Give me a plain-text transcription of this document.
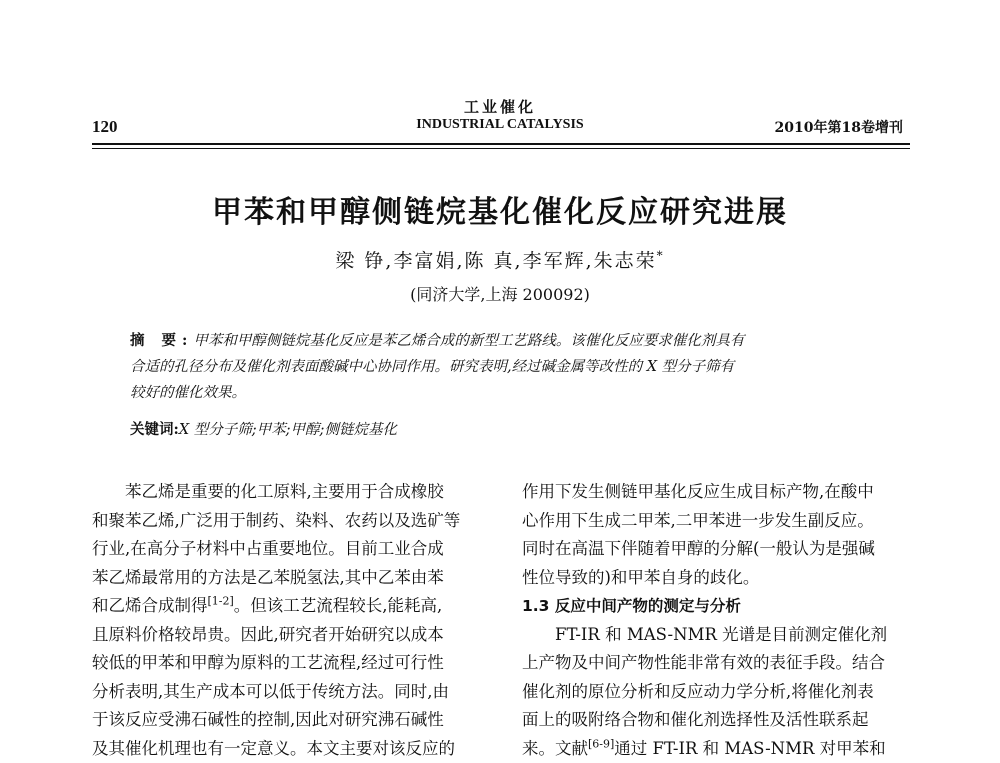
120
工业催化
INDUSTRIAL CATALYSIS	2010年第18卷增刊
甲苯和甲醇侧链烷基化催化反应研究进展
梁 铮,李富娟,陈 真,李军辉,朱志荣*
(同济大学,上海 200092)
摘 要:甲苯和甲醇侧链烷基化反应是苯乙烯合成的新型工艺路线。该催化反应要求催化剂具有
合适的孔径分布及催化剂表面酸碱中心协同作用。研究表明,经过碱金属等改性的 X 型分子筛有
较好的催化效果。
关键词:X 型分子筛;甲苯;甲醇;侧链烷基化
苯乙烯是重要的化工原料,主要用于合成橡胶
和聚苯乙烯,广泛用于制药、染料、农药以及选矿等
行业,在高分子材料中占重要地位。目前工业合成
苯乙烯最常用的方法是乙苯脱氢法,其中乙苯由苯
和乙烯合成制得[1-2]。但该工艺流程较长,能耗高,
且原料价格较昂贵。因此,研究者开始研究以成本
较低的甲苯和甲醇为原料的工艺流程,经过可行性
分析表明,其生产成本可以低于传统方法。同时,由
于该反应受沸石碱性的控制,因此对研究沸石碱性
及其催化机理也有一定意义。本文主要对该反应的
作用下发生侧链甲基化反应生成目标产物,在酸中
心作用下生成二甲苯,二甲苯进一步发生副反应。
同时在高温下伴随着甲醇的分解(一般认为是强碱
性位导致的)和甲苯自身的歧化。
1.3 反应中间产物的测定与分析
FT-IR 和 MAS-NMR 光谱是目前测定催化剂
上产物及中间产物性能非常有效的表征手段。结合
催化剂的原位分析和反应动力学分析,将催化剂表
面上的吸附络合物和催化剂选择性及活性联系起
来。文献[6-9]通过 FT-IR 和 MAS-NMR 对甲苯和
